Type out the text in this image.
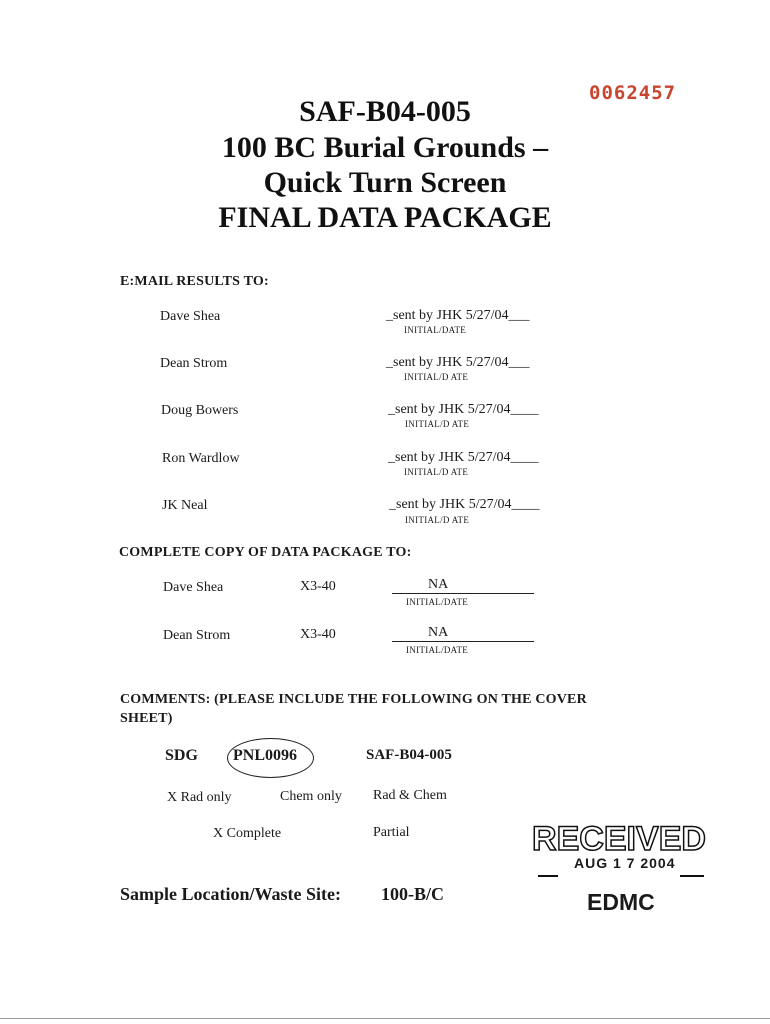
0062457
SAF-B04-005
100 BC Burial Grounds –
Quick Turn Screen
FINAL DATA PACKAGE
E:MAIL RESULTS TO:
Dave Shea	_sent by JHK 5/27/04___
INITIAL/DATE
Dean Strom	_sent by JHK 5/27/04___
INITIAL/D ATE
Doug Bowers	_sent by JHK 5/27/04____
INITIAL/D ATE
Ron Wardlow	_sent by JHK 5/27/04____
INITIAL/D ATE
JK Neal	_sent by JHK 5/27/04____
INITIAL/D ATE
COMPLETE COPY OF DATA PACKAGE TO:
Dave Shea	X3-40	NA
INITIAL/DATE
Dean Strom	X3-40	NA
INITIAL/DATE
COMMENTS: (PLEASE INCLUDE THE FOLLOWING ON THE COVER
SHEET)
SDG PNL0096	SAF-B04-005
X Rad only	Chem only Rad & Chem
X Complete	Partial
Sample Location/Waste Site: 100-B/C
RECEIVED
AUG 1 7 2004
EDMC
